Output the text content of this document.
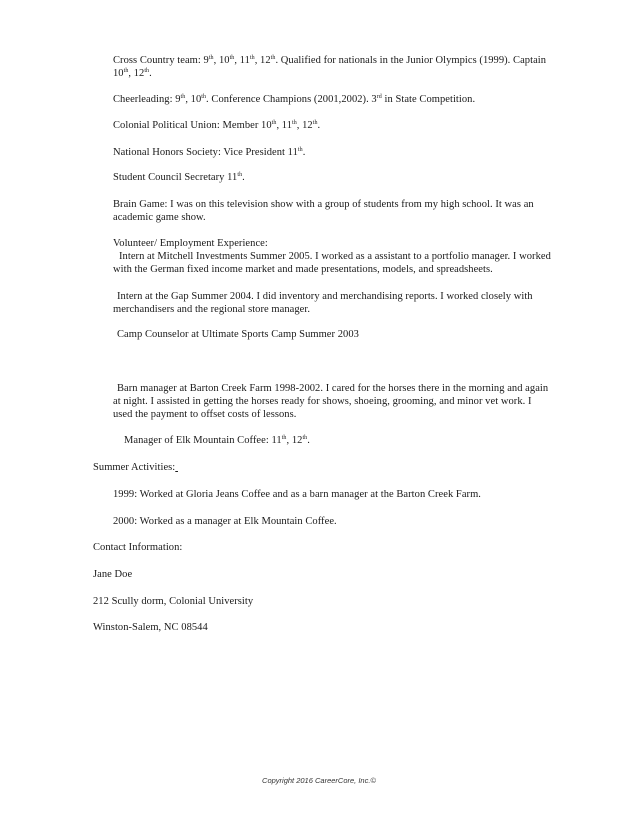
Cross Country team: 9th, 10th, 11th, 12th. Qualified for nationals in the Junior Olympics (1999). Captain
10th, 12th.
Cheerleading: 9th, 10th. Conference Champions (2001,2002). 3rd in State Competition.
Colonial Political Union: Member 10th, 11th, 12th.
National Honors Society: Vice President 11th.
Student Council Secretary 11th.
Brain Game: I was on this television show with a group of students from my high school. It was an
academic game show.
Volunteer/ Employment Experience:
Intern at Mitchell Investments Summer 2005. I worked as a assistant to a portfolio manager. I worked
with the German fixed income market and made presentations, models, and spreadsheets.
Intern at the Gap Summer 2004. I did inventory and merchandising reports. I worked closely with
merchandisers and the regional store manager.
Camp Counselor at Ultimate Sports Camp Summer 2003
Barn manager at Barton Creek Farm 1998-2002. I cared for the horses there in the morning and again
at night. I assisted in getting the horses ready for shows, shoeing, grooming, and minor vet work. I
used the payment to offset costs of lessons.
Manager of Elk Mountain Coffee: 11th, 12th.
Summer Activities:
1999: Worked at Gloria Jeans Coffee and as a barn manager at the Barton Creek Farm.
2000: Worked as a manager at Elk Mountain Coffee.
Contact Information:
Jane Doe
212 Scully dorm, Colonial University
Winston-Salem, NC 08544
Copyright 2016 CareerCore, Inc.©
